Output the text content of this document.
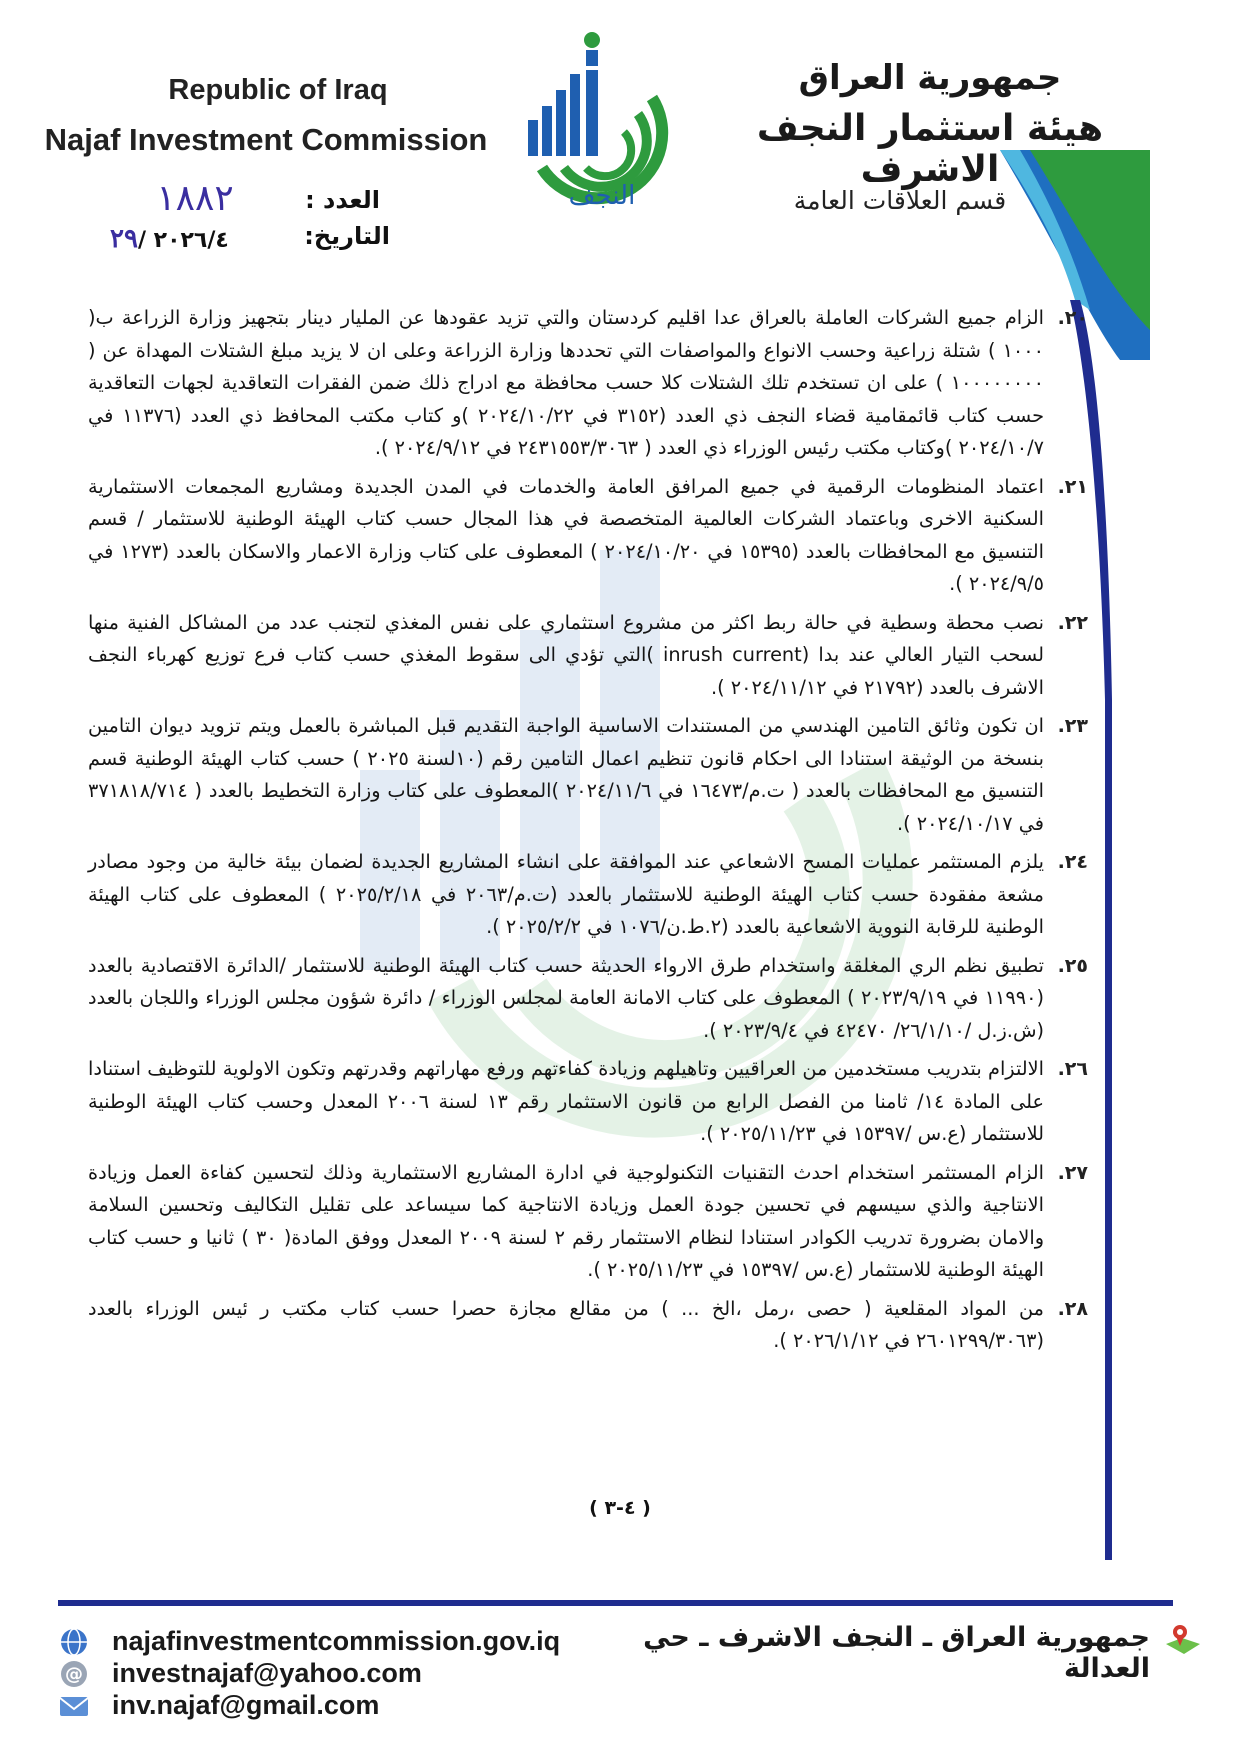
Republic of Iraq
Najaf Investment Commission
النجف
جمهورية العراق
هيئة استثمار النجف الاشرف
قسم العلاقات العامة
العدد :
١٨٨٢
التاريخ:
٢٠٢٦/٤ /٢٩
٢٠.
الزام جميع الشركات العاملة بالعراق عدا اقليم كردستان والتي تزيد عقودها عن المليار دينار بتجهيز وزارة الزراعة ب( ١٠٠٠ ) شتلة زراعية وحسب الانواع والمواصفات التي تحددها وزارة الزراعة وعلى ان لا يزيد مبلغ الشتلات المهداة عن ( ١٠٠٠٠٠٠٠٠ ) على ان تستخدم تلك الشتلات كلا حسب محافظة مع ادراج ذلك ضمن الفقرات التعاقدية لجهات التعاقدية حسب كتاب قائمقامية قضاء النجف ذي العدد (٣١٥٢ في ٢٠٢٤/١٠/٢٢ )و كتاب مكتب المحافظ ذي العدد (١١٣٧٦ في ٢٠٢٤/١٠/٧ )وكتاب مكتب رئيس الوزراء ذي العدد ( ٢٤٣١٥٥٣/٣٠٦٣ في ٢٠٢٤/٩/١٢ ).
٢١.
اعتماد المنظومات الرقمية في جميع المرافق العامة والخدمات في المدن الجديدة ومشاريع المجمعات الاستثمارية السكنية الاخرى وباعتماد الشركات العالمية المتخصصة في هذا المجال حسب كتاب الهيئة الوطنية للاستثمار / قسم التنسيق مع المحافظات بالعدد (١٥٣٩٥ في ٢٠٢٤/١٠/٢٠ ) المعطوف على كتاب وزارة الاعمار والاسكان بالعدد (١٢٧٣ في ٢٠٢٤/٩/٥ ).
٢٢.
نصب محطة وسطية في حالة ربط اكثر من مشروع استثماري على نفس المغذي لتجنب عدد من المشاكل الفنية منها لسحب التيار العالي عند بدا (inrush current )التي تؤدي الى سقوط المغذي حسب كتاب فرع توزيع كهرباء النجف الاشرف بالعدد (٢١٧٩٢ في ٢٠٢٤/١١/١٢ ).
٢٣.
ان تكون وثائق التامين الهندسي من المستندات الاساسية الواجبة التقديم قبل المباشرة بالعمل ويتم تزويد ديوان التامين بنسخة من الوثيقة استنادا الى احكام قانون تنظيم اعمال التامين رقم (١٠لسنة ٢٠٢٥ ) حسب كتاب الهيئة الوطنية قسم التنسيق مع المحافظات بالعدد ( ت.م/١٦٤٧٣ في ٢٠٢٤/١١/٦ )المعطوف على كتاب وزارة التخطيط بالعدد ( ٣٧١٨١٨/٧١٤ في ٢٠٢٤/١٠/١٧ ).
٢٤.
يلزم المستثمر عمليات المسح الاشعاعي عند الموافقة على انشاء المشاريع الجديدة لضمان بيئة خالية من وجود مصادر مشعة مفقودة حسب كتاب الهيئة الوطنية للاستثمار بالعدد (ت.م/٢٠٦٣ في ٢٠٢٥/٢/١٨ ) المعطوف على كتاب الهيئة الوطنية للرقابة النووية الاشعاعية بالعدد (٢.ط.ن/١٠٧٦ في ٢٠٢٥/٢/٢ ).
٢٥.
تطبيق نظم الري المغلقة واستخدام طرق الارواء الحديثة حسب كتاب الهيئة الوطنية للاستثمار /الدائرة الاقتصادية بالعدد (١١٩٩٠ في ٢٠٢٣/٩/١٩ ) المعطوف على كتاب الامانة العامة لمجلس الوزراء / دائرة شؤون مجلس الوزراء واللجان بالعدد (ش.ز.ل /٢٦/١/١٠/ ٤٢٤٧٠ في ٢٠٢٣/٩/٤ ).
٢٦.
الالتزام بتدريب مستخدمين من العراقيين وتاهيلهم وزيادة كفاءتهم ورفع مهاراتهم وقدرتهم وتكون الاولوية للتوظيف استنادا على المادة ١٤/ ثامنا من الفصل الرابع من قانون الاستثمار رقم ١٣ لسنة ٢٠٠٦ المعدل وحسب كتاب الهيئة الوطنية للاستثمار (ع.س /١٥٣٩٧ في ٢٠٢٥/١١/٢٣ ).
٢٧.
الزام المستثمر استخدام احدث التقنيات التكنولوجية في ادارة المشاريع الاستثمارية وذلك لتحسين كفاءة العمل وزيادة الانتاجية والذي سيسهم في تحسين جودة العمل وزيادة الانتاجية كما سيساعد على تقليل التكاليف وتحسين السلامة والامان بضرورة تدريب الكوادر استنادا لنظام الاستثمار رقم ٢ لسنة ٢٠٠٩ المعدل ووفق المادة( ٣٠ ) ثانيا و حسب كتاب الهيئة الوطنية للاستثمار (ع.س /١٥٣٩٧ في ٢٠٢٥/١١/٢٣ ).
٢٨.
من المواد المقلعية ( حصى ،رمل ،الخ ... ) من مقالع مجازة حصرا حسب كتاب مكتب ر ئيس الوزراء بالعدد (٢٦٠١٢٩٩/٣٠٦٣ في ٢٠٢٦/١/١٢ ).
( ٤-٣ )
جمهورية العراق ـ النجف الاشرف ـ حي العدالة
@
najafinvestmentcommission.gov.iq
investnajaf@yahoo.com
inv.najaf@gmail.com
